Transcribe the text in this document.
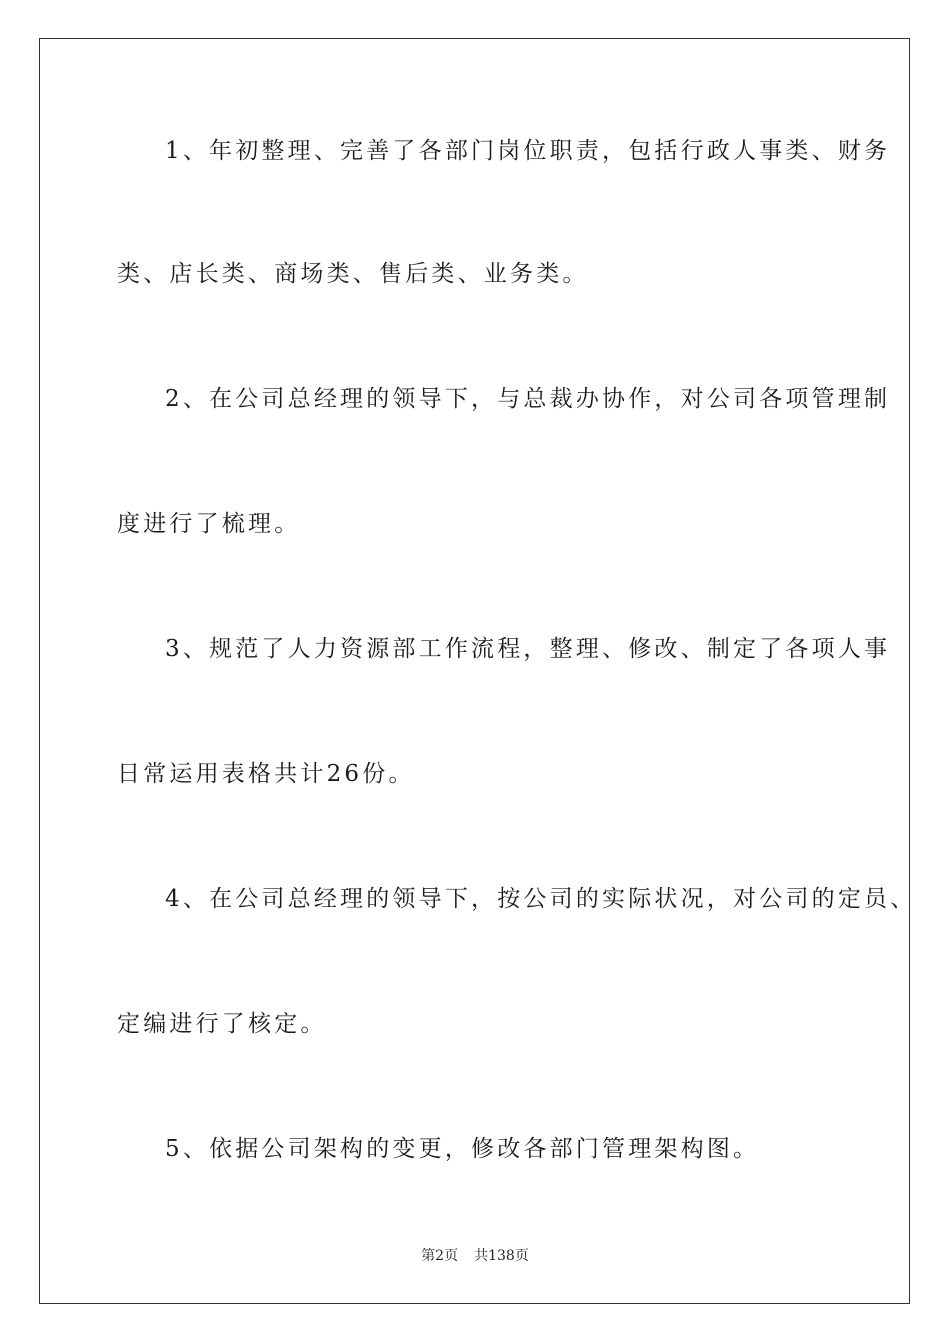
1、年初整理、完善了各部门岗位职责，包括行政人事类、财务
类、店长类、商场类、售后类、业务类。
2、在公司总经理的领导下，与总裁办协作，对公司各项管理制
度进行了梳理。
3、规范了人力资源部工作流程，整理、修改、制定了各项人事
日常运用表格共计26份。
4、在公司总经理的领导下，按公司的实际状况，对公司的定员、
定编进行了核定。
5、依据公司架构的变更，修改各部门管理架构图。
第2页 共138页
